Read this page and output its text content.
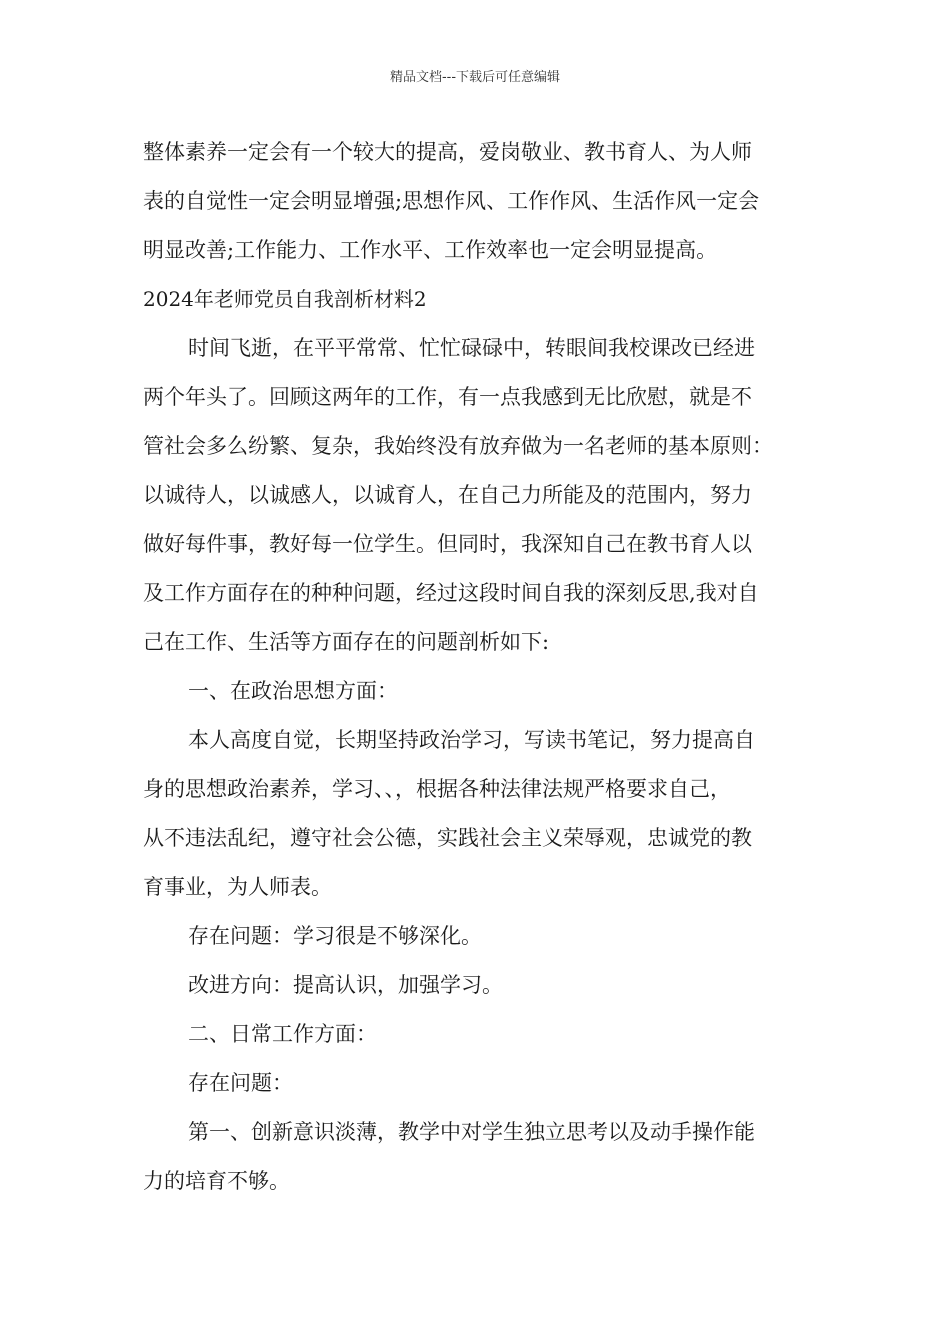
精品文档---下载后可任意编辑

整体素养一定会有一个较大的提高，爱岗敬业、教书育人、为人师

表的自觉性一定会明显增强;思想作风、工作作风、生活作风一定会

明显改善;工作能力、工作水平、工作效率也一定会明显提高。

2024年老师党员自我剖析材料2

时间飞逝，在平平常常、忙忙碌碌中，转眼间我校课改已经进

两个年头了。回顾这两年的工作，有一点我感到无比欣慰，就是不

管社会多么纷繁、复杂，我始终没有放弃做为一名老师的基本原则：

以诚待人，以诚感人，以诚育人，在自己力所能及的范围内，努力

做好每件事，教好每一位学生。但同时，我深知自己在教书育人以

及工作方面存在的种种问题，经过这段时间自我的深刻反思,我对自

己在工作、生活等方面存在的问题剖析如下:

一、在政治思想方面：

本人高度自觉，长期坚持政治学习，写读书笔记，努力提高自

身的思想政治素养，学习、、，根据各种法律法规严格要求自己，

从不违法乱纪，遵守社会公德，实践社会主义荣辱观，忠诚党的教

育事业，为人师表。

存在问题：学习很是不够深化。

改进方向：提高认识，加强学习。

二、日常工作方面：

存在问题：

第一、创新意识淡薄，教学中对学生独立思考以及动手操作能

力的培育不够。
